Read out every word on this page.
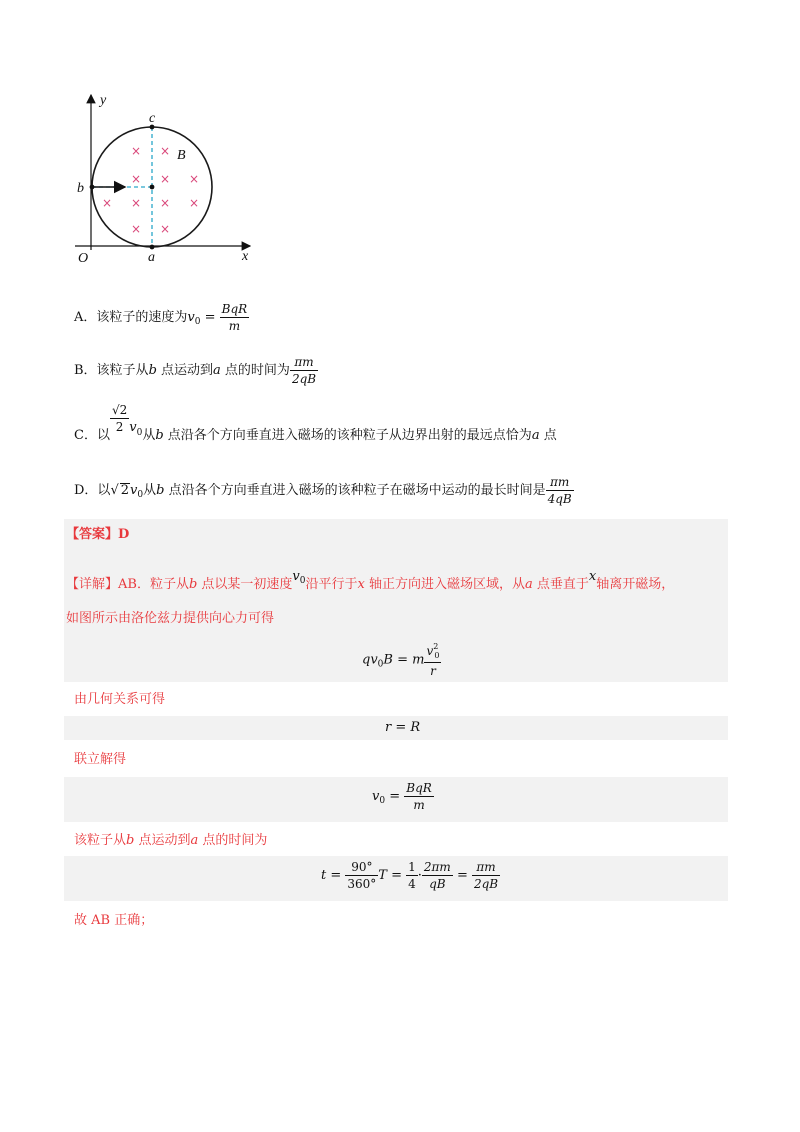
× ×
× × ×
× × × ×
× ×
y
x
O
c
b
a
B
A．该粒子的速度为$v_0 = \frac{\text{BqR}}{m}$
B．该粒子从b 点运动到a 点的时间为 $\frac{\pi m}{2qB}$
C．以
$\frac{√2}{2} v^0$从b 点沿各个方向垂直进入磁场的该种粒子从边界出射的最远点恰为a 点
D．以√ $2v_0$从b 点沿各个方向垂直进入磁场的该种粒子在磁场中运动的最长时间是 $\frac{\pi m}{4qB}$
【答案】D
【详解】AB．粒子从b 点以某一初速度$v^0$沿平行于x 轴正方向进入磁场区域，从a 点垂直于x轴离开磁场，
如图所示由洛伦兹力提供向心力可得
$qv_0B = m \frac{v^2_0}{r}$
由几何关系可得
r = R
联立解得
$v_0 = \frac{\text{BqR}}{m}$
该粒子从b 点运动到a 点的时间为
$t = \frac{90^\circ}{360^\circ}$ $T = \frac{1}{4} \cdot \frac{2\pi m}{qB} = \frac{\pi m}{2qB}$
故 AB 正确；
